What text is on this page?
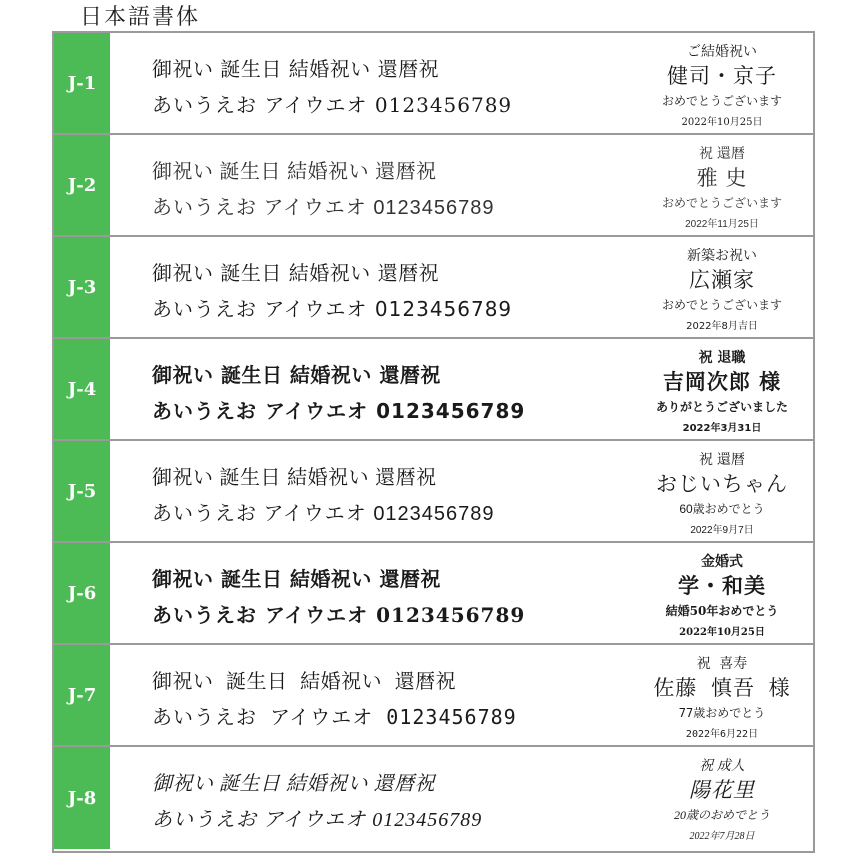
日本語書体
J-1
御祝い 誕生日 結婚祝い 還暦祝
あいうえお アイウエオ 0123456789
ご結婚祝い
健司・京子
おめでとうございます
2022年10月25日
J-2
御祝い 誕生日 結婚祝い 還暦祝
あいうえお アイウエオ 0123456789
祝 還暦
雅 史
おめでとうございます
2022年11月25日
J-3
御祝い 誕生日 結婚祝い 還暦祝
あいうえお アイウエオ 0123456789
新築お祝い
広瀬家
おめでとうございます
2022年8月吉日
J-4
御祝い 誕生日 結婚祝い 還暦祝
あいうえお アイウエオ 0123456789
祝 退職
吉岡次郎 様
ありがとうございました
2022年3月31日
J-5
御祝い 誕生日 結婚祝い 還暦祝
あいうえお アイウエオ 0123456789
祝 還暦
おじいちゃん
60歳おめでとう
2022年9月7日
J-6
御祝い 誕生日 結婚祝い 還暦祝
あいうえお アイウエオ 0123456789
金婚式
学・和美
結婚50年おめでとう
2022年10月25日
J-7
御祝い 誕生日 結婚祝い 還暦祝
あいうえお アイウエオ 0123456789
祝 喜寿
佐藤 慎吾 様
77歳おめでとう
2022年6月22日
J-8
御祝い 誕生日 結婚祝い 還暦祝
あいうえお アイウエオ 0123456789
祝 成人
陽花里
20歳のおめでとう
2022年7月28日
